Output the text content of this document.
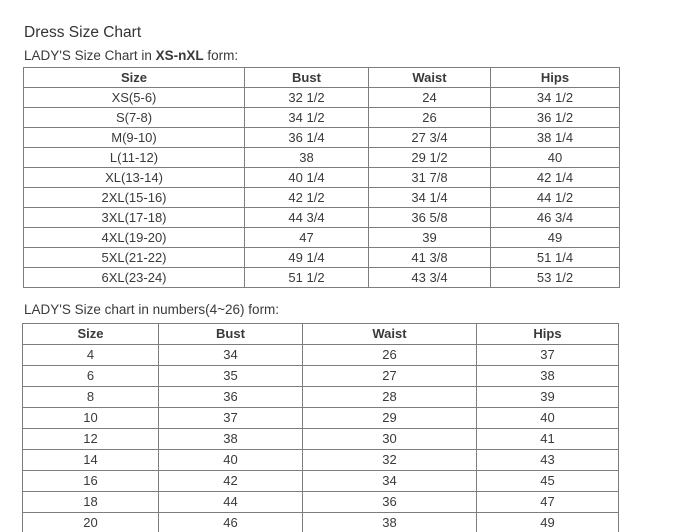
Dress Size Chart
LADY'S Size Chart in XS-nXL form:
Size	Bust	Waist	Hips
XS(5-6)	32 1/2	24	34 1/2
S(7-8)	34 1/2	26	36 1/2
M(9-10)	36 1/4	27 3/4	38 1/4
L(11-12)	38	29 1/2	40
XL(13-14)	40 1/4	31 7/8	42 1/4
2XL(15-16)	42 1/2	34 1/4	44 1/2
3XL(17-18)	44 3/4	36 5/8	46 3/4
4XL(19-20)	47	39	49
5XL(21-22)	49 1/4	41 3/8	51 1/4
6XL(23-24)	51 1/2	43 3/4	53 1/2
LADY'S Size chart in numbers(4~26) form:
Size	Bust	Waist	Hips
4	34	26	37
6	35	27	38
8	36	28	39
10	37	29	40
12	38	30	41
14	40	32	43
16	42	34	45
18	44	36	47
20	46	38	49
